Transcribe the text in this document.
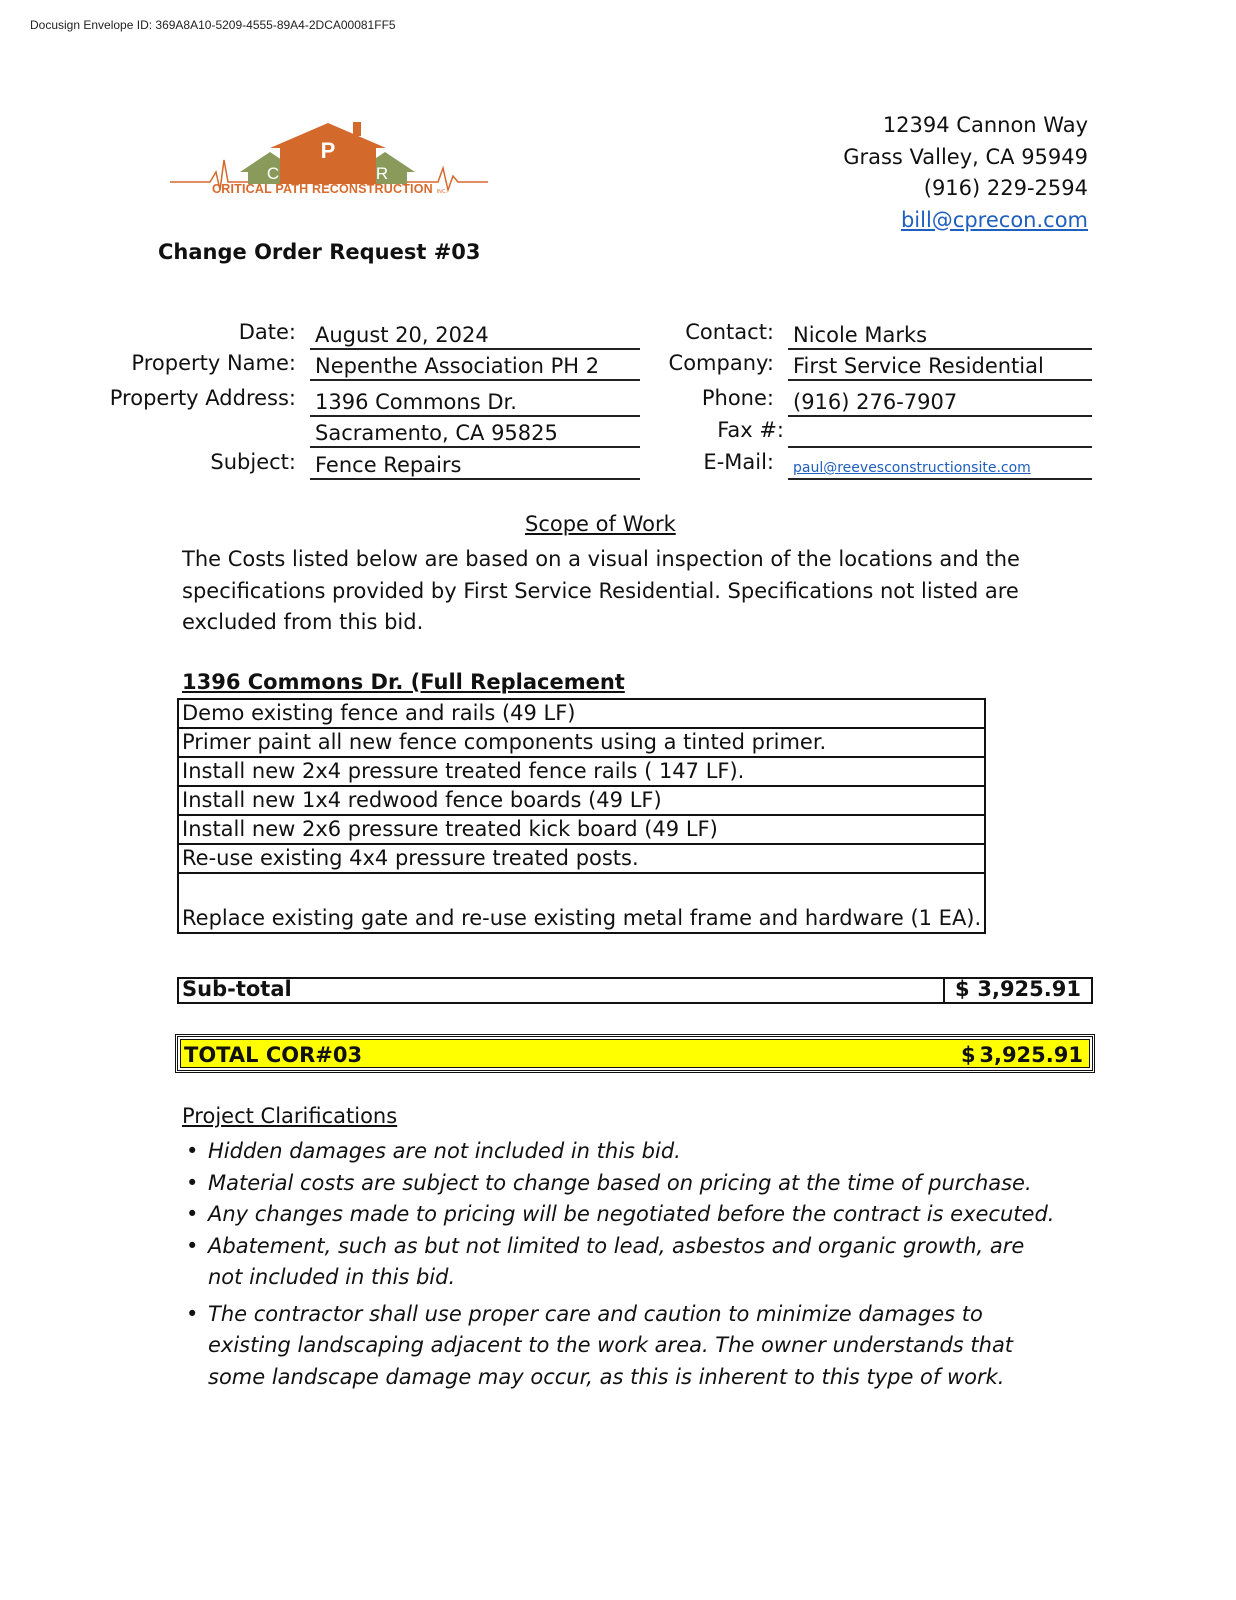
Docusign Envelope ID: 369A8A10-5209-4555-89A4-2DCA00081FF5
P
C	R
CRITICAL PATH RECONSTRUCTION INC.
12394 Cannon Way
Grass Valley, CA 95949
(916) 229-2594
bill@cprecon.com
Change Order Request #03
Date: August 20, 2024
Property Name: Nepenthe Association PH 2
Property Address: 1396 Commons Dr.
Sacramento, CA 95825
Subject: Fence Repairs
Contact: Nicole Marks
Company: First Service Residential
Phone: (916) 276-7907
Fax #:
E-Mail:	paul@reevesconstructionsite.com
Scope of Work
The Costs listed below are based on a visual inspection of the locations and the specifications provided by First Service Residential. Specifications not listed are excluded from this bid.
1396 Commons Dr. (Full Replacement
Demo existing fence and rails (49 LF)
Primer paint all new fence components using a tinted primer.
Install new 2x4 pressure treated fence rails ( 147 LF).
Install new 1x4 redwood fence boards (49 LF)
Install new 2x6 pressure treated kick board (49 LF)
Re-use existing 4x4 pressure treated posts.
Replace existing gate and re-use existing metal frame and hardware (1 EA).
Sub-total	$ 3,925.91
TOTAL COR#03	$ 3,925.91
Project Clarifications
• Hidden damages are not included in this bid.
• Material costs are subject to change based on pricing at the time of purchase.
• Any changes made to pricing will be negotiated before the contract is executed.
• Abatement, such as but not limited to lead, asbestos and organic growth, are not included in this bid.
• The contractor shall use proper care and caution to minimize damages to existing landscaping adjacent to the work area. The owner understands that some landscape damage may occur, as this is inherent to this type of work.
